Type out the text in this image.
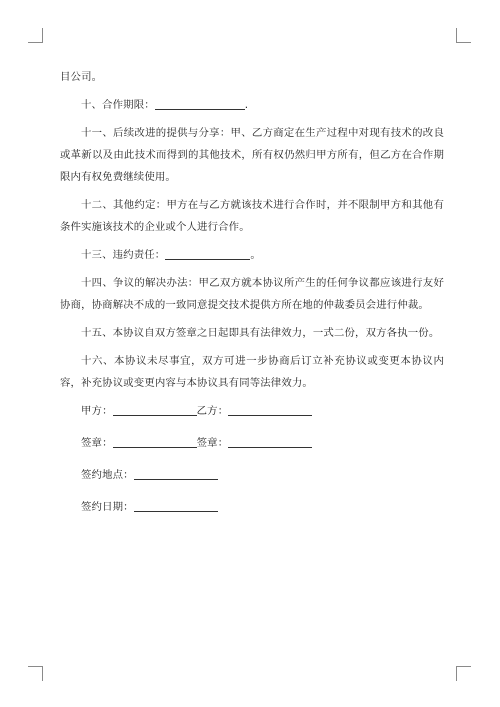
目公司。

十、合作期限：	.

十一、后续改进的提供与分享：甲、乙方商定在生产过程中对现有技术的改良或革新以及由此技术而得到的其他技术，所有权仍然归甲方所有，但乙方在合作期限内有权免费继续使用。

十二、其他约定：甲方在与乙方就该技术进行合作时，并不限制甲方和其他有条件实施该技术的企业或个人进行合作。

十三、违约责任：	。

十四、争议的解决办法：甲乙双方就本协议所产生的任何争议都应该进行友好协商，协商解决不成的一致同意提交技术提供方所在地的仲裁委员会进行仲裁。

十五、本协议自双方签章之日起即具有法律效力，一式二份，双方各执一份。

十六、本协议未尽事宜，双方可进一步协商后订立补充协议或变更本协议内容，补充协议或变更内容与本协议具有同等法律效力。

甲方：	乙方：

签章：	签章：

签约地点：

签约日期：
